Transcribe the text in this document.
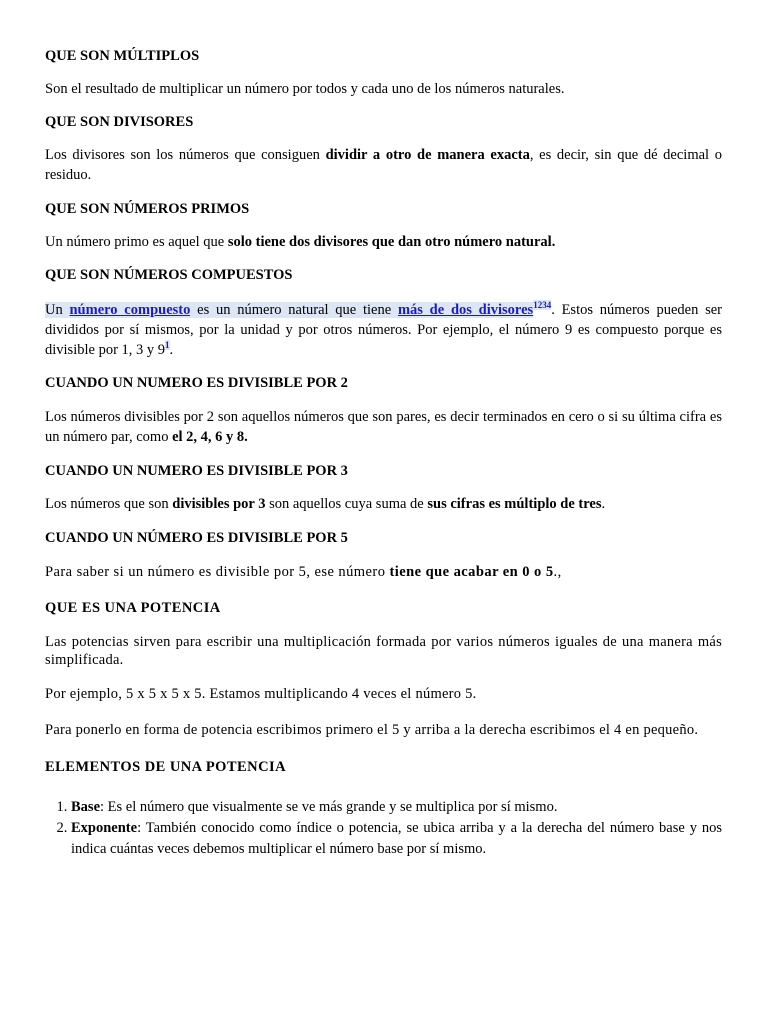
QUE SON MÚLTIPLOS

Son el resultado de multiplicar un número por todos y cada uno de los números naturales.

QUE SON DIVISORES

Los divisores son los números que consiguen dividir a otro de manera exacta, es decir, sin que dé decimal o residuo.

QUE SON NÚMEROS PRIMOS

Un número primo es aquel que solo tiene dos divisores que dan otro número natural.

QUE SON NÚMEROS COMPUESTOS

Un número compuesto es un número natural que tiene más de dos divisores$^{1234}$. Estos números pueden ser divididos por sí mismos, por la unidad y por otros números. Por ejemplo, el número 9 es compuesto porque es divisible por 1, 3 y $9^1$.

CUANDO UN NUMERO ES DIVISIBLE POR 2

Los números divisibles por 2 son aquellos números que son pares, es decir terminados en cero o si su última cifra es un número par, como el 2, 4, 6 y 8.

CUANDO UN NUMERO ES DIVISIBLE POR 3

Los números que son divisibles por 3 son aquellos cuya suma de sus cifras es múltiplo de tres.

CUANDO UN NÚMERO ES DIVISIBLE POR 5

Para saber si un número es divisible por 5, ese número tiene que acabar en 0 o 5.,

QUE ES UNA POTENCIA

Las potencias sirven para escribir una multiplicación formada por varios números iguales de una manera más simplificada.

Por ejemplo, 5 x 5 x 5 x 5. Estamos multiplicando 4 veces el número 5.

Para ponerlo en forma de potencia escribimos primero el 5 y arriba a la derecha escribimos el 4 en pequeño.

ELEMENTOS DE UNA POTENCIA
1. Base: Es el número que visualmente se ve más grande y se multiplica por sí mismo.
2. Exponente: También conocido como índice o potencia, se ubica arriba y a la derecha del número base y nos indica cuántas veces debemos multiplicar el número base por sí mismo.
